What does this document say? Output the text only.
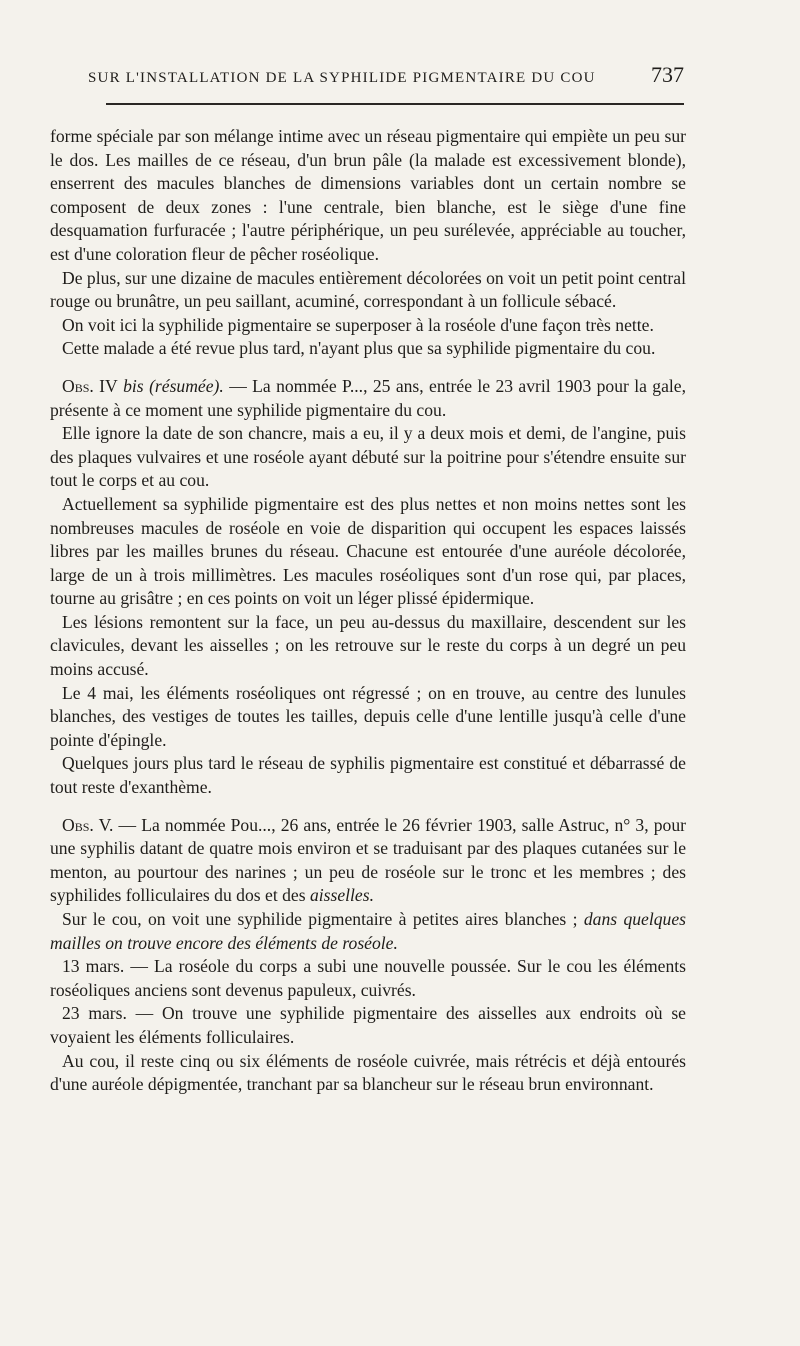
SUR L'INSTALLATION DE LA SYPHILIDE PIGMENTAIRE DU COU	737

forme spéciale par son mélange intime avec un réseau pigmentaire qui empiète un peu sur le dos. Les mailles de ce réseau, d'un brun pâle (la malade est excessivement blonde), enserrent des macules blanches de dimensions variables dont un certain nombre se composent de deux zones : l'une centrale, bien blanche, est le siège d'une fine desquamation furfuracée ; l'autre périphérique, un peu surélevée, appréciable au toucher, est d'une coloration fleur de pêcher roséolique.

De plus, sur une dizaine de macules entièrement décolorées on voit un petit point central rouge ou brunâtre, un peu saillant, acuminé, correspondant à un follicule sébacé.

On voit ici la syphilide pigmentaire se superposer à la roséole d'une façon très nette.

Cette malade a été revue plus tard, n'ayant plus que sa syphilide pigmentaire du cou.

Obs. IV bis (résumée). — La nommée P..., 25 ans, entrée le 23 avril 1903 pour la gale, présente à ce moment une syphilide pigmentaire du cou.

Elle ignore la date de son chancre, mais a eu, il y a deux mois et demi, de l'angine, puis des plaques vulvaires et une roséole ayant débuté sur la poitrine pour s'étendre ensuite sur tout le corps et au cou.

Actuellement sa syphilide pigmentaire est des plus nettes et non moins nettes sont les nombreuses macules de roséole en voie de disparition qui occupent les espaces laissés libres par les mailles brunes du réseau. Chacune est entourée d'une auréole décolorée, large de un à trois millimètres. Les macules roséoliques sont d'un rose qui, par places, tourne au grisâtre ; en ces points on voit un léger plissé épidermique.

Les lésions remontent sur la face, un peu au-dessus du maxillaire, descendent sur les clavicules, devant les aisselles ; on les retrouve sur le reste du corps à un degré un peu moins accusé.

Le 4 mai, les éléments roséoliques ont régressé ; on en trouve, au centre des lunules blanches, des vestiges de toutes les tailles, depuis celle d'une lentille jusqu'à celle d'une pointe d'épingle.

Quelques jours plus tard le réseau de syphilis pigmentaire est constitué et débarrassé de tout reste d'exanthème.

Obs. V. — La nommée Pou..., 26 ans, entrée le 26 février 1903, salle Astruc, n° 3, pour une syphilis datant de quatre mois environ et se traduisant par des plaques cutanées sur le menton, au pourtour des narines ; un peu de roséole sur le tronc et les membres ; des syphilides folliculaires du dos et des aisselles.

Sur le cou, on voit une syphilide pigmentaire à petites aires blanches ; dans quelques mailles on trouve encore des éléments de roséole.

13 mars. — La roséole du corps a subi une nouvelle poussée. Sur le cou les éléments roséoliques anciens sont devenus papuleux, cuivrés.

23 mars. — On trouve une syphilide pigmentaire des aisselles aux endroits où se voyaient les éléments folliculaires.

Au cou, il reste cinq ou six éléments de roséole cuivrée, mais rétrécis et déjà entourés d'une auréole dépigmentée, tranchant par sa blancheur sur le réseau brun environnant.
